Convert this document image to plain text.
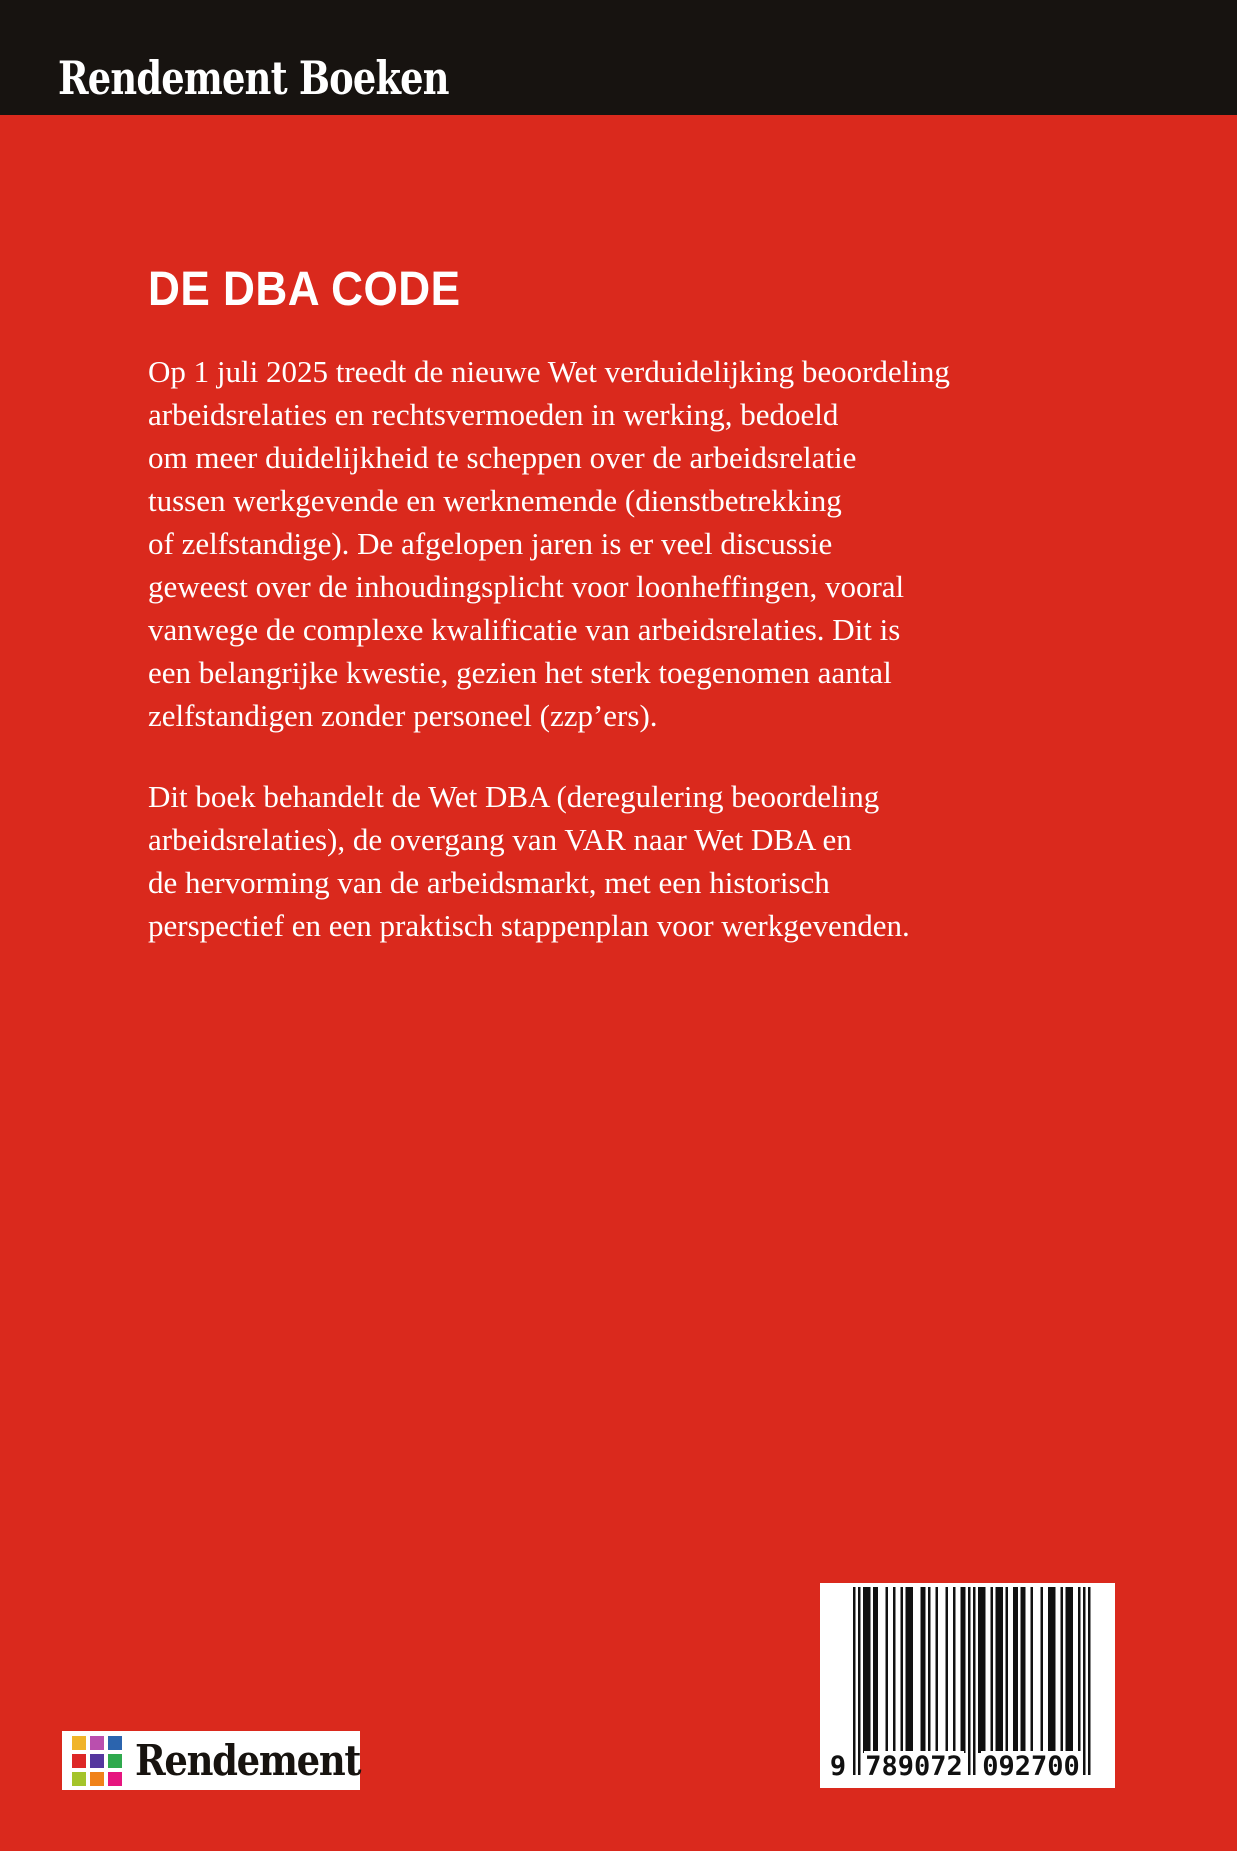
Rendement Boeken
DE DBA CODE
Op 1 juli 2025 treedt de nieuwe Wet verduidelijking beoordeling
arbeidsrelaties en rechtsvermoeden in werking, bedoeld
om meer duidelijkheid te scheppen over de arbeidsrelatie
tussen werkgevende en werknemende (dienstbetrekking
of zelfstandige). De afgelopen jaren is er veel discussie
geweest over de inhoudingsplicht voor loonheffingen, vooral
vanwege de complexe kwalificatie van arbeidsrelaties. Dit is
een belangrijke kwestie, gezien het sterk toegenomen aantal
zelfstandigen zonder personeel (zzp’ers).
Dit boek behandelt de Wet DBA (deregulering beoordeling
arbeidsrelaties), de overgang van VAR naar Wet DBA en
de hervorming van de arbeidsmarkt, met een historisch
perspectief en een praktisch stappenplan voor werkgevenden.
9 789072 092700
Rendement
